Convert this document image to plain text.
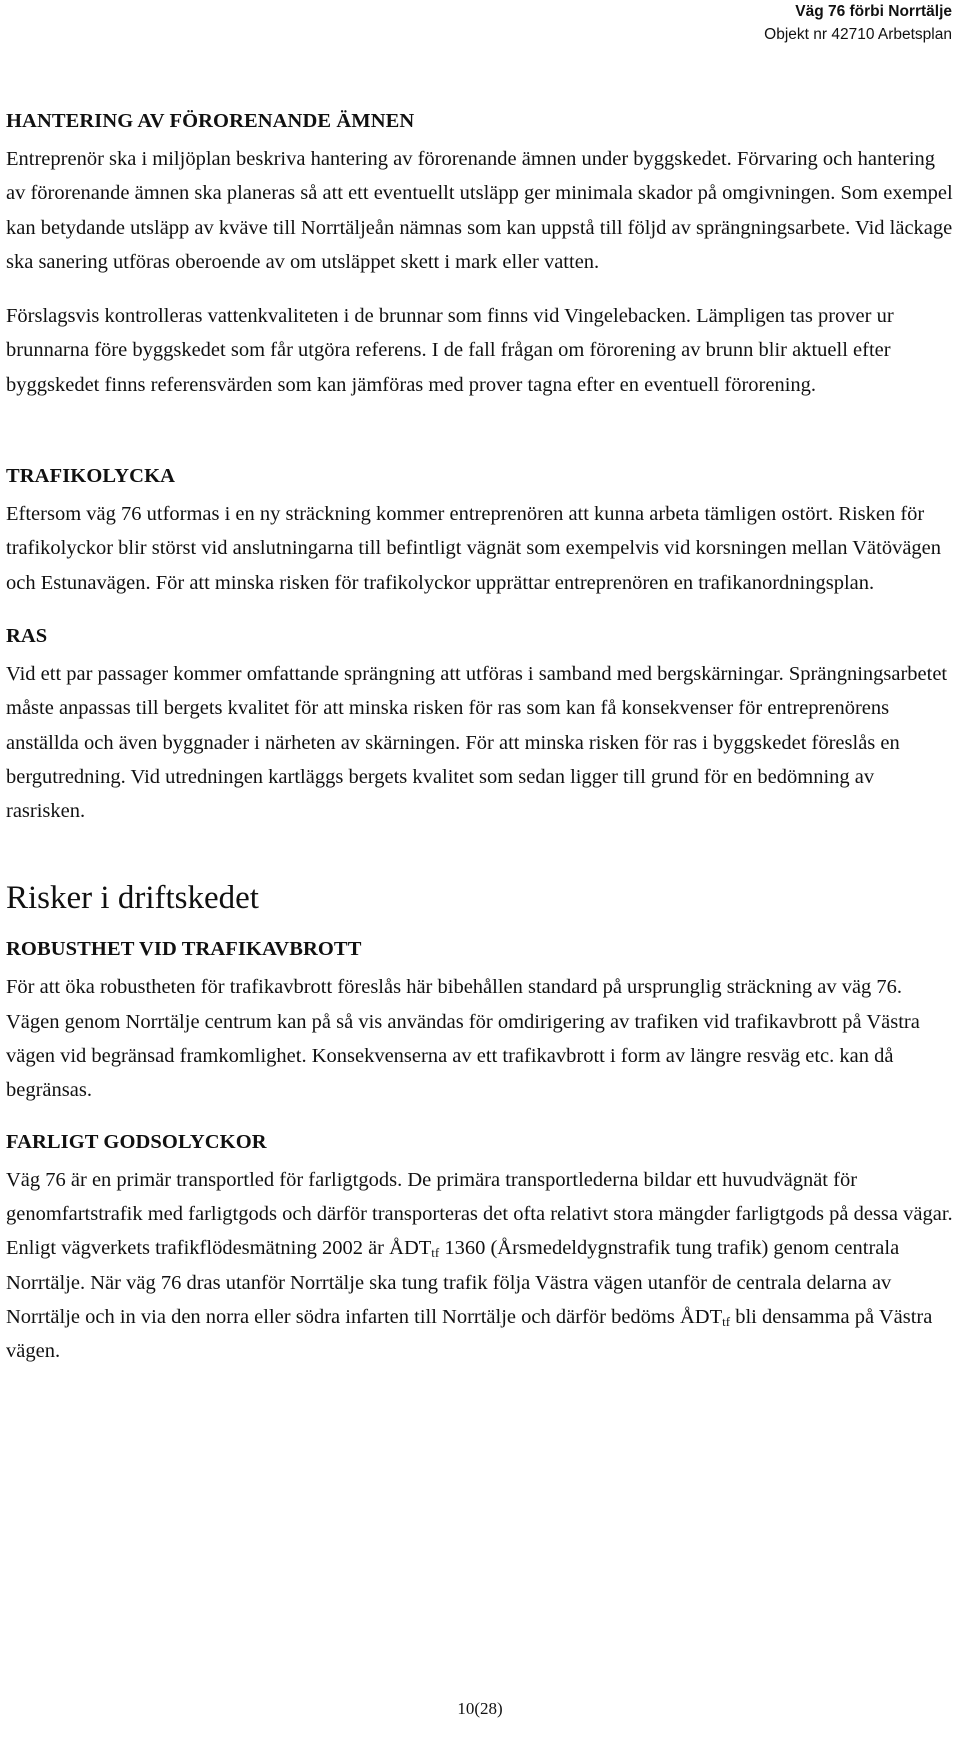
Väg 76 förbi Norrtälje
Objekt nr 42710 Arbetsplan
HANTERING AV FÖRORENANDE ÄMNEN

Entreprenör ska i miljöplan beskriva hantering av förorenande ämnen under byggskedet. Förvaring och hantering av förorenande ämnen ska planeras så att ett eventuellt utsläpp ger minimala skador på omgivningen. Som exempel kan betydande utsläpp av kväve till Norrtäljeån nämnas som kan uppstå till följd av sprängningsarbete. Vid läckage ska sanering utföras oberoende av om utsläppet skett i mark eller vatten.

Förslagsvis kontrolleras vattenkvaliteten i de brunnar som finns vid Vingelebacken. Lämpligen tas prover ur brunnarna före byggskedet som får utgöra referens. I de fall frågan om förorening av brunn blir aktuell efter byggskedet finns referensvärden som kan jämföras med prover tagna efter en eventuell förorening.

TRAFIKOLYCKA

Eftersom väg 76 utformas i en ny sträckning kommer entreprenören att kunna arbeta tämligen ostört. Risken för trafikolyckor blir störst vid anslutningarna till befintligt vägnät som exempelvis vid korsningen mellan Vätövägen och Estunavägen. För att minska risken för trafikolyckor upprättar entreprenören en trafikanordningsplan.

RAS

Vid ett par passager kommer omfattande sprängning att utföras i samband med bergskärningar. Sprängningsarbetet måste anpassas till bergets kvalitet för att minska risken för ras som kan få konsekvenser för entreprenörens anställda och även byggnader i närheten av skärningen. För att minska risken för ras i byggskedet föreslås en bergutredning. Vid utredningen kartläggs bergets kvalitet som sedan ligger till grund för en bedömning av rasrisken.

Risker i driftskedet
ROBUSTHET VID TRAFIKAVBROTT

För att öka robustheten för trafikavbrott föreslås här bibehållen standard på ursprunglig sträckning av väg 76. Vägen genom Norrtälje centrum kan på så vis användas för omdirigering av trafiken vid trafikavbrott på Västra vägen vid begränsad framkomlighet. Konsekvenserna av ett trafikavbrott i form av längre resväg etc. kan då begränsas.

FARLIGT GODSOLYCKOR

Väg 76 är en primär transportled för farligtgods. De primära transportlederna bildar ett huvudvägnät för genomfartstrafik med farligtgods och därför transporteras det ofta relativt stora mängder farligtgods på dessa vägar. Enligt vägverkets trafikflödesmätning 2002 är $ÅDT_{tf}$ 1360 (Årsmedeldygnstrafik tung trafik) genom centrala Norrtälje. När väg 76 dras utanför Norrtälje ska tung trafik följa Västra vägen utanför de centrala delarna av Norrtälje och in via den norra eller södra infarten till Norrtälje och därför bedöms $ÅDT_{tf}$ bli densamma på Västra vägen.

10(28)
